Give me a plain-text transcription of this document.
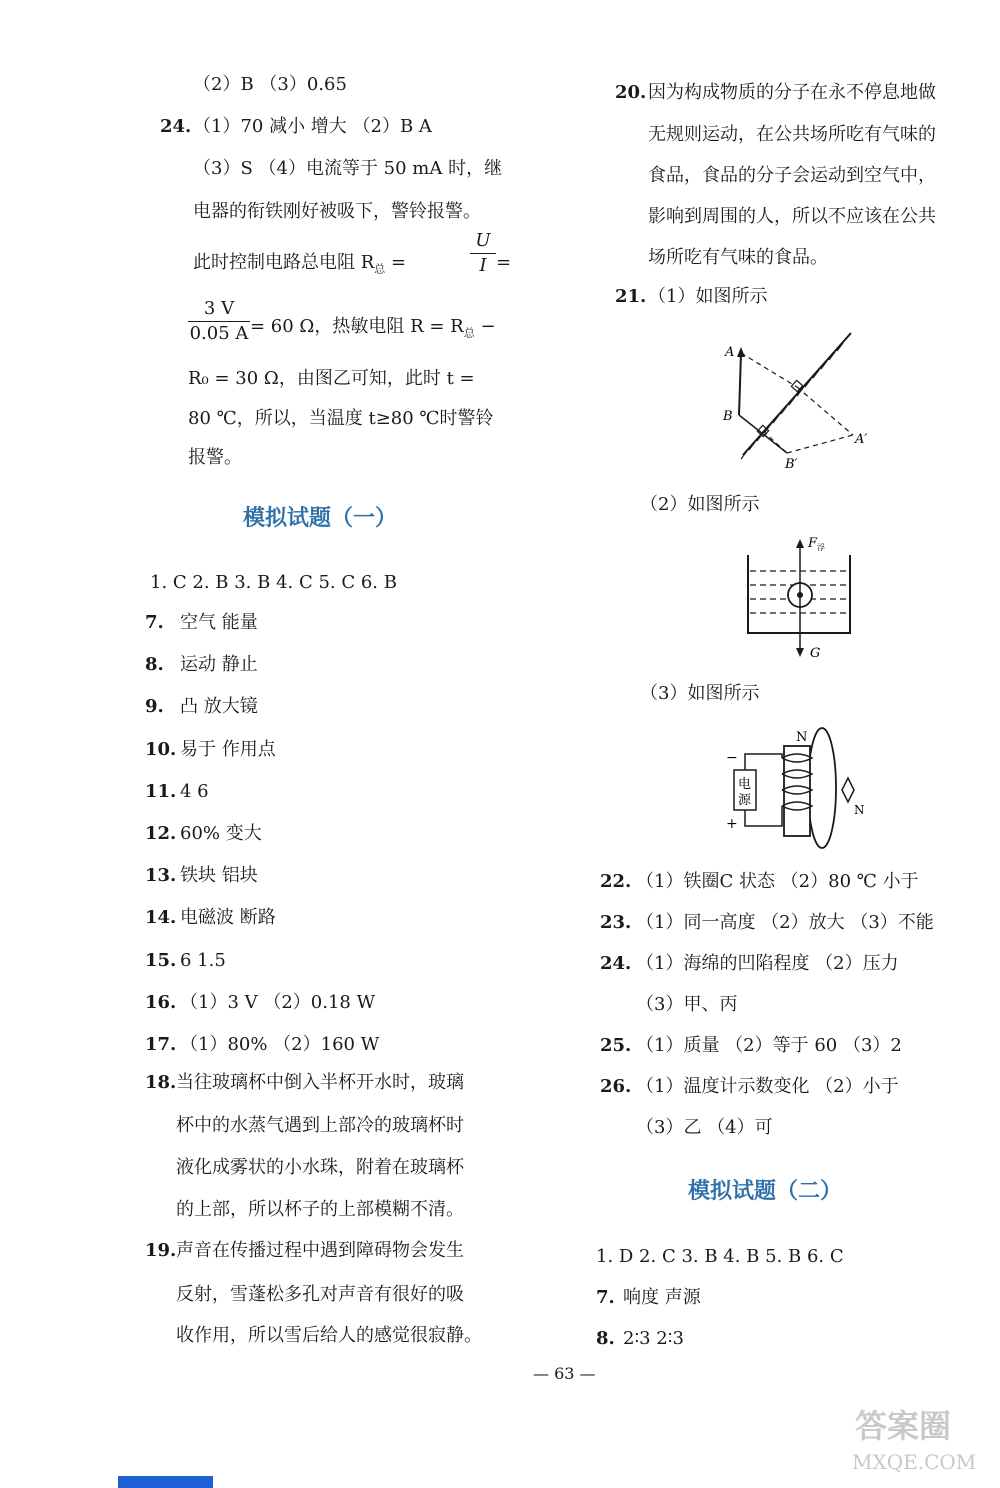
（2）B （3）0.65
24. （1）70 减小 增大 （2）B A
（3）S （4）电流等于 50 mA 时，继
电器的衔铁刚好被吸下，警铃报警。
此时控制电路总电阻 $R_总$ =
U
I =
3 V
0.05 A = 60 Ω，热敏电阻 $R = R_总$ −
R₀ = 30 Ω，由图乙可知，此时 t =
80 ℃，所以，当温度 t≥80 ℃时警铃
报警。
模拟试题（一）
1. C 2. B 3. B 4. C 5. C 6. B
7. 空气 能量
8. 运动 静止
9. 凸 放大镜
10. 易于 作用点
11. 4 6
12. 60% 变大
13. 铁块 铝块
14. 电磁波 断路
15. 6 1.5
16. （1）3 V （2）0.18 W
17. （1）80% （2）160 W
18. 当往玻璃杯中倒入半杯开水时，玻璃
杯中的水蒸气遇到上部冷的玻璃杯时
液化成雾状的小水珠，附着在玻璃杯
的上部，所以杯子的上部模糊不清。
19. 声音在传播过程中遇到障碍物会发生
反射，雪蓬松多孔对声音有很好的吸
收作用，所以雪后给人的感觉很寂静。
20. 因为构成物质的分子在永不停息地做
无规则运动，在公共场所吃有气味的
食品，食品的分子会运动到空气中，
影响到周围的人，所以不应该在公共
场所吃有气味的食品。
21. （1）如图所示
A
B
A′
B′
（2）如图所示
F 浮
G
（3）如图所示
N
N
−
+
电
源
22. （1）铁圈C 状态 （2）80 ℃ 小于
23. （1）同一高度 （2）放大 （3）不能
24. （1）海绵的凹陷程度 （2）压力
（3）甲、丙
25. （1）质量 （2）等于 60 （3）2
26. （1）温度计示数变化 （2）小于
（3）乙 （4）可
模拟试题（二）
1. D 2. C 3. B 4. B 5. B 6. C
7. 响度 声源
8. 2∶3 2∶3
— 63 —
答案圈
MXQE.COM
